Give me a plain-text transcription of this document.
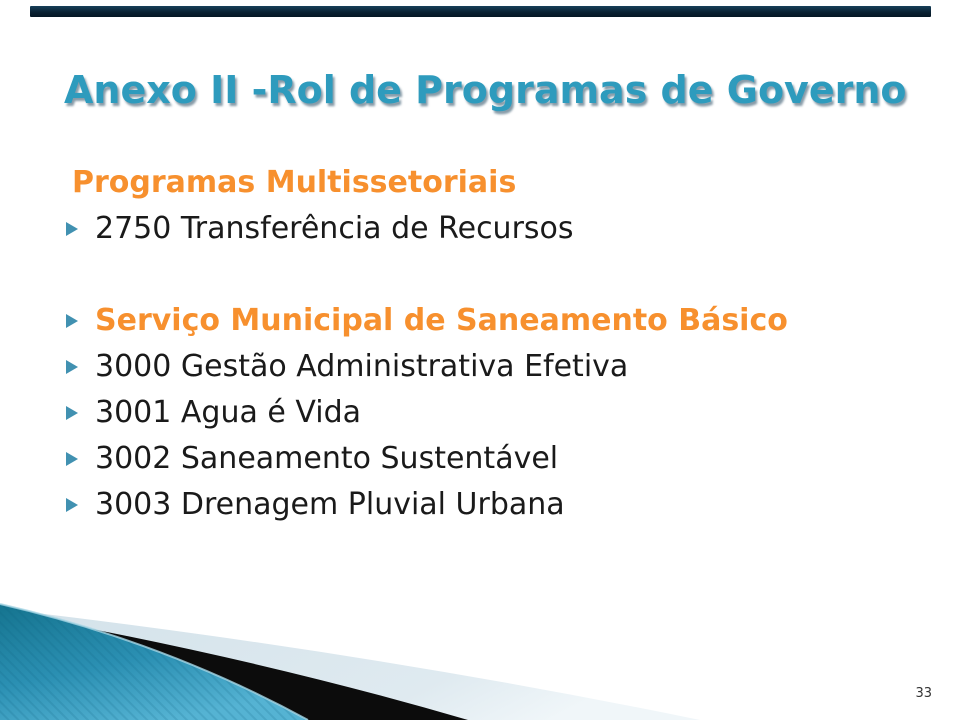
Anexo II -Rol de Programas de Governo
Programas Multissetoriais
2750 Transferência de Recursos
Serviço Municipal de Saneamento Básico
3000 Gestão Administrativa Efetiva
3001 Agua é Vida
3002 Saneamento Sustentável
3003 Drenagem Pluvial Urbana
33
